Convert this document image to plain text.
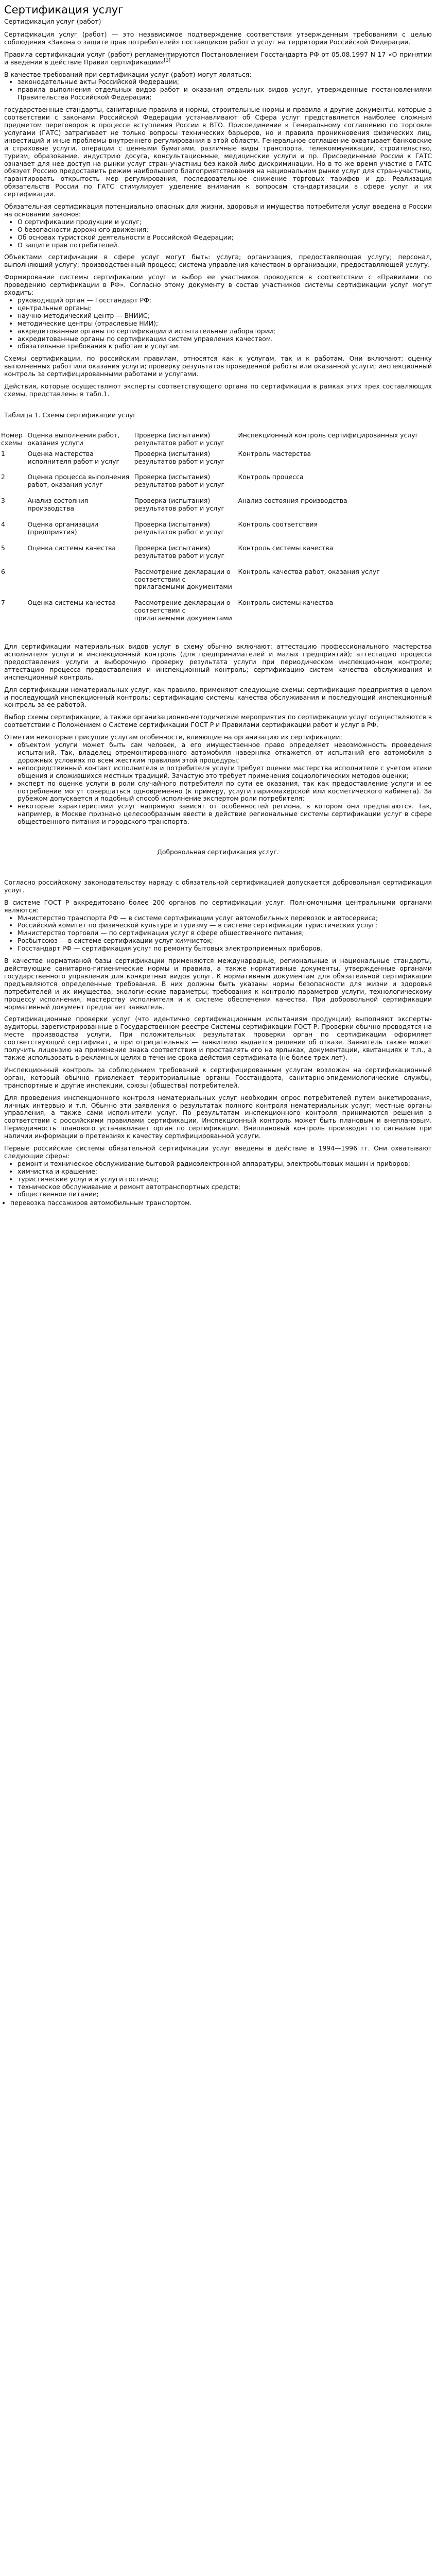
Сертификация услуг
Сертификация услуг (работ)

Сертификация услуг (работ) — это независимое подтверждение соответствия утвержденным требованиям с целью соблюдения «Закона о защите прав потребителей» поставщиком работ и услуг на территории Российской Федерации.

Правила сертификации услуг (работ) регламентируются Постановлением Госстандарта РФ от 05.08.1997 N 17 «О принятии и введении в действие Правил сертификации»[3]

В качестве требований при сертификации услуг (работ) могут являться:

• законодательные акты Российской Федерации;
• правила выполнения отдельных видов работ и оказания отдельных видов услуг, утвержденные постановлениями Правительства Российской Федерации;

государственные стандарты, санитарные правила и нормы, строительные нормы и правила и другие документы, которые в соответствии с законами Российской Федерации устанавливают об Сфера услуг представляется наиболее сложным предметом переговоров в процессе вступления России в ВТО. Присоединение к Генеральному соглашению по торговле услугами (ГАТС) затрагивает не только вопросы технических барьеров, но и правила проникновения физических лиц, инвестиций и иные проблемы внутреннего регулирования в этой области. Генеральное соглашение охватывает банковские и страховые услуги, операции с ценными бумагами, различные виды транспорта, телекоммуникации, строительство, туризм, образование, индустрию досуга, консультационные, медицинские услуги и пр. Присоединение России к ГАТС означает для нее доступ на рынки услуг стран-участниц без какой-либо дискриминации. Но в то же время участие в ГАТС обязует Россию предоставить режим наибольшего благоприятствования на национальном рынке услуг для стран-участниц, гарантировать открытость мер регулирования, последовательное снижение торговых тарифов и др. Реализация обязательств России по ГАТС стимулирует уделение внимания к вопросам стандартизации в сфере услуг и их сертификации.

Обязательная сертификация потенциально опасных для жизни, здоровья и имущества потребителя услуг введена в России на основании законов:

• О сертификации продукции и услуг;
• О безопасности дорожного движения;
• Об основах туристской деятельности в Российской Федерации;
• О защите прав потребителей.

Объектами сертификации в сфере услуг могут быть: услуга; организация, предоставляющая услугу; персонал, выполняющий услугу; производственный процесс; система управления качеством в организации, предоставляющей услугу.

Формирование системы сертификации услуг и выбор ее участников проводятся в соответствии с «Правилами по проведению сертификации в РФ». Согласно этому документу в состав участников системы сертификации услуг могут входить:

• руководящий орган — Госстандарт РФ;
• центральные органы;
• научно-методический центр — ВНИИС;
• методические центры (отраслевые НИИ);
• аккредитованные органы по сертификации и испытательные лаборатории;
• аккредитованные органы по сертификации систем управления качеством.
• обязательные требования к работам и услугам.

Схемы сертификации, по российским правилам, относятся как к услугам, так и к работам. Они включают: оценку выполненных работ или оказания услуги; проверку результатов проведенной работы или оказанной услуги; инспекционный контроль за сертифицированными работами и услугами.

Действия, которые осуществляют эксперты соответствующего органа по сертификации в рамках этих трех составляющих схемы, представлены в табл.1.

Таблица 1. Схемы сертификации услуг
Номер схемы	Оценка выполнения работ, оказания услуги	Проверка (испытания) результатов работ и услуг	Инспекционный контроль сертифицированных услуг
1	Оценка мастерства исполнителя работ и услуг	Проверка (испытания) результатов работ и услуг	Контроль мастерства
2	Оценка процесса выполнения работ, оказания услуг	Проверка (испытания) результатов работ и услуг	Контроль процесса
3	Анализ состояния производства	Проверка (испытания) результатов работ и услуг	Анализ состояния производства
4	Оценка организации (предприятия)	Проверка (испытания) результатов работ и услуг	Контроль соответствия
5	Оценка системы качества	Проверка (испытания) результатов работ и услуг	Контроль системы качества
6		Рассмотрение декларации о соответствии с прилагаемыми документами	Контроль качества работ, оказания услуг
7	Оценка системы качества	Рассмотрение декларации о соответствии с прилагаемыми документами	Контроль системы качества

Для сертификации материальных видов услуг в схему обычно включают: аттестацию профессионального мастерства исполнителя услуги и инспекционный контроль (для предпринимателей и малых предприятий); аттестацию процесса предоставления услуги и выборочную проверку результата услуги при периодическом инспекционном контроле; аттестацию процесса предоставления и инспекционный контроль; сертификацию систем качества обслуживания и инспекционный контроль.

Для сертификации нематериальных услуг, как правило, применяют следующие схемы: сертификация предприятия в целом и последующий инспекционный контроль; сертификацию системы качества обслуживания и последующий инспекционный контроль за ее работой.

Выбор схемы сертификации, а также организационно-методические мероприятия по сертификации услуг осуществляются в соответствии с Положением о Системе сертификации ГОСТ Р и Правилами сертификации работ и услуг в РФ.

Отметим некоторые присущие услугам особенности, влияющие на организацию их сертификации:

• объектом услуги может быть сам человек, а его имущественное право определяет невозможность проведения испытаний. Так, владелец отремонтированного автомобиля наверняка откажется от испытаний его автомобиля в дорожных условиях по всем жестким правилам этой процедуры;
• непосредственный контакт исполнителя и потребителя услуги требует оценки мастерства исполнителя с учетом этики общения и сложившихся местных традиций. Зачастую это требует применения социологических методов оценки;
• эксперт по оценке услуги в роли случайного потребителя по сути ее оказания, так как предоставление услуги и ее потребление могут совершаться одновременно (к примеру, услуги парикмахерской или косметического кабинета). За рубежом допускается и подобный способ исполнение экспертом роли потребителя;
• некоторые характеристики услуг напрямую зависят от особенностей региона, в котором они предлагаются. Так, например, в Москве признано целесообразным ввести в действие региональные системы сертификации услуг в сфере общественного питания и городского транспорта.
Добровольная сертификация услуг.

Согласно российскому законодательству наряду с обязательной сертификацией допускается добровольная сертификация услуг.

В системе ГОСТ Р аккредитовано более 200 органов по сертификации услуг. Полномочными центральными органами являются:

• Министерство транспорта РФ — в системе сертификации услуг автомобильных перевозок и автосервиса;
• Российский комитет по физической культуре и туризму — в системе сертификации туристических услуг;
• Министерство торговли — по сертификации услуг в сфере общественного питания;
• Росбытсоюз — в системе сертификации услуг химчисток;
• Госстандарт РФ — сертификация услуг по ремонту бытовых электроприемных приборов.

В качестве нормативной базы сертификации применяются международные, региональные и национальные стандарты, действующие санитарно-гигиенические нормы и правила, а также нормативные документы, утвержденные органами государственного управления для конкретных видов услуг. К нормативным документам для обязательной сертификации предъявляются определенные требования. В них должны быть указаны нормы безопасности для жизни и здоровья потребителей и их имущества; экологические параметры; требования к контролю параметров услуги, технологическому процессу исполнения, мастерству исполнителя и к системе обеспечения качества. При добровольной сертификации нормативный документ предлагает заявитель.

Сертификационные проверки услуг (что идентично сертификационным испытаниям продукции) выполняют эксперты-аудиторы, зарегистрированные в Государственном реестре Системы сертификации ГОСТ Р. Проверки обычно проводятся на месте производства услуги. При положительных результатах проверки орган по сертификации оформляет соответствующий сертификат, а при отрицательных — заявителю выдается решение об отказе. Заявитель также может получить лицензию на применение знака соответствия и проставлять его на ярлыках, документации, квитанциях и т.п., а также использовать в рекламных целях в течение срока действия сертификата (не более трех лет).

Инспекционный контроль за соблюдением требований к сертифицированным услугам возложен на сертификационный орган, который обычно привлекает территориальные органы Госстандарта, санитарно-эпидемиологические службы, транспортные и другие инспекции, союзы (общества) потребителей.

Для проведения инспекционного контроля нематериальных услуг необходим опрос потребителей путем анкетирования, личных интервью и т.п. Обычно эти заявления о результатах полного контроля нематериальных услуг; местные органы управления, а также сами исполнители услуг. По результатам инспекционного контроля принимаются решения в соответствии с российскими правилами сертификации. Инспекционный контроль может быть плановым и внеплановым. Периодичность планового устанавливает орган по сертификации. Внеплановый контроль производят по сигналам при наличии информации о претензиях к качеству сертифицированной услуги.

Первые российские системы обязательной сертификации услуг введены в действие в 1994—1996 гг. Они охватывают следующие сферы:

• ремонт и техническое обслуживание бытовой радиоэлектронной аппаратуры, электробытовых машин и приборов;
• химчистка и крашение;
• туристические услуги и услуги гостиниц;
• техническое обслуживание и ремонт автотранспортных средств;
• общественное питание;
• перевозка пассажиров автомобильным транспортом.
